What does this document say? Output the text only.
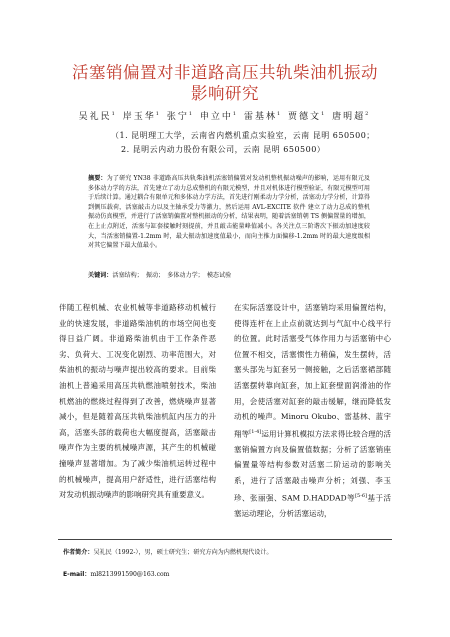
活塞销偏置对非道路高压共轨柴油机振动
影响研究
吴礼民$^1$ 岸玉华$^1$ 张宁$^1$ 申立中$^1$ 雷基林$^1$ 贾德文$^1$ 唐明超$^2$
（1. 昆明理工大学，云南省内燃机重点实验室，云南 昆明 650500；
2. 昆明云内动力股份有限公司，云南 昆明 650500）
摘要：为了研究 YN38 非道路高压共轨柴油机活塞销偏置对发动机整机振动噪声的影响，运用有限元及多体动力学的方法，首先建立了动力总成整机的有限元模型，并且对机体进行模型验证，有限元模型可用于后续计算。通过耦合有限单元和多体动力学方法，首先进行刚柔动力学分析，活塞动力学分析，计算得到侧压载荷，活塞敲击力以及主轴承受力等激力，然后运用 AVL-EXCITE 软件 建立了动力总成的整机振动仿真模型，并进行了活塞销偏置对整机振动的分析，结果表明，随着活塞销朝 TS 侧偏置量的增加，在上止点附近，活塞与缸套接触时刻提前，并且敲击能量峰值减小。各关注点三阶谐次下振动加速度较大，当活塞销偏置-1.2mm 时，最大振动加速度值最小，而向主推力面偏移-1.2mm 时的最大速度级相对其它偏置下最大值最小。
关键词：活塞结构；　振动；　多体动力学；　模态试验
伴随工程机械、农业机械等非道路移动机械行业的快速发展，非道路柴油机的市场空间也变得日益广阔。非道路柴油机由于工作条件恶劣、负荷大、工况变化剧烈、功率范围大，对柴油机的振动与噪声提出较高的要求。目前柴油机上普遍采用高压共轨燃油喷射技术，柴油机燃油的燃烧过程得到了改善，燃烧噪声显著减小，但是随着高压共轨柴油机缸内压力的升高，活塞头部的载荷也大幅度提高，活塞敲击噪声作为主要的机械噪声源，其产生的机械碰撞噪声显著增加。为了减少柴油机运转过程中的机械噪声，提高用户舒适性，进行活塞结构对发动机振动噪声的影响研究具有重要意义。
在实际活塞设计中，活塞销均采用偏置结构，使得连杆在上止点前就达到与气缸中心线平行的位置。此时活塞受气体作用力与活塞销中心位置不相交，活塞惯性力稍偏，发生摆转，活塞头部先与缸套另一侧接触，之后活塞裙部随活塞摆转靠向缸套，加上缸套壁面润滑油的作用，会使活塞对缸套的敲击缓解，继而降低发动机的噪声。Minoru Okubo、雷基林、蓝宇翔等[1-4]运用计算机模拟方法求得比较合理的活塞销偏置方向及偏置值数据；分析了活塞销座偏置量等结构参数对活塞二阶运动的影响关系，进行了活塞敲击噪声分析；刘强、李玉珍、张丽强、SAM D.HADDAD等[5-6]基于活塞运动理论，分析活塞运动，
作者简介：吴礼民（1992-），男，硕士研究生；研究方向为内燃机现代设计。
E-mail：ml8213991590@163.com
